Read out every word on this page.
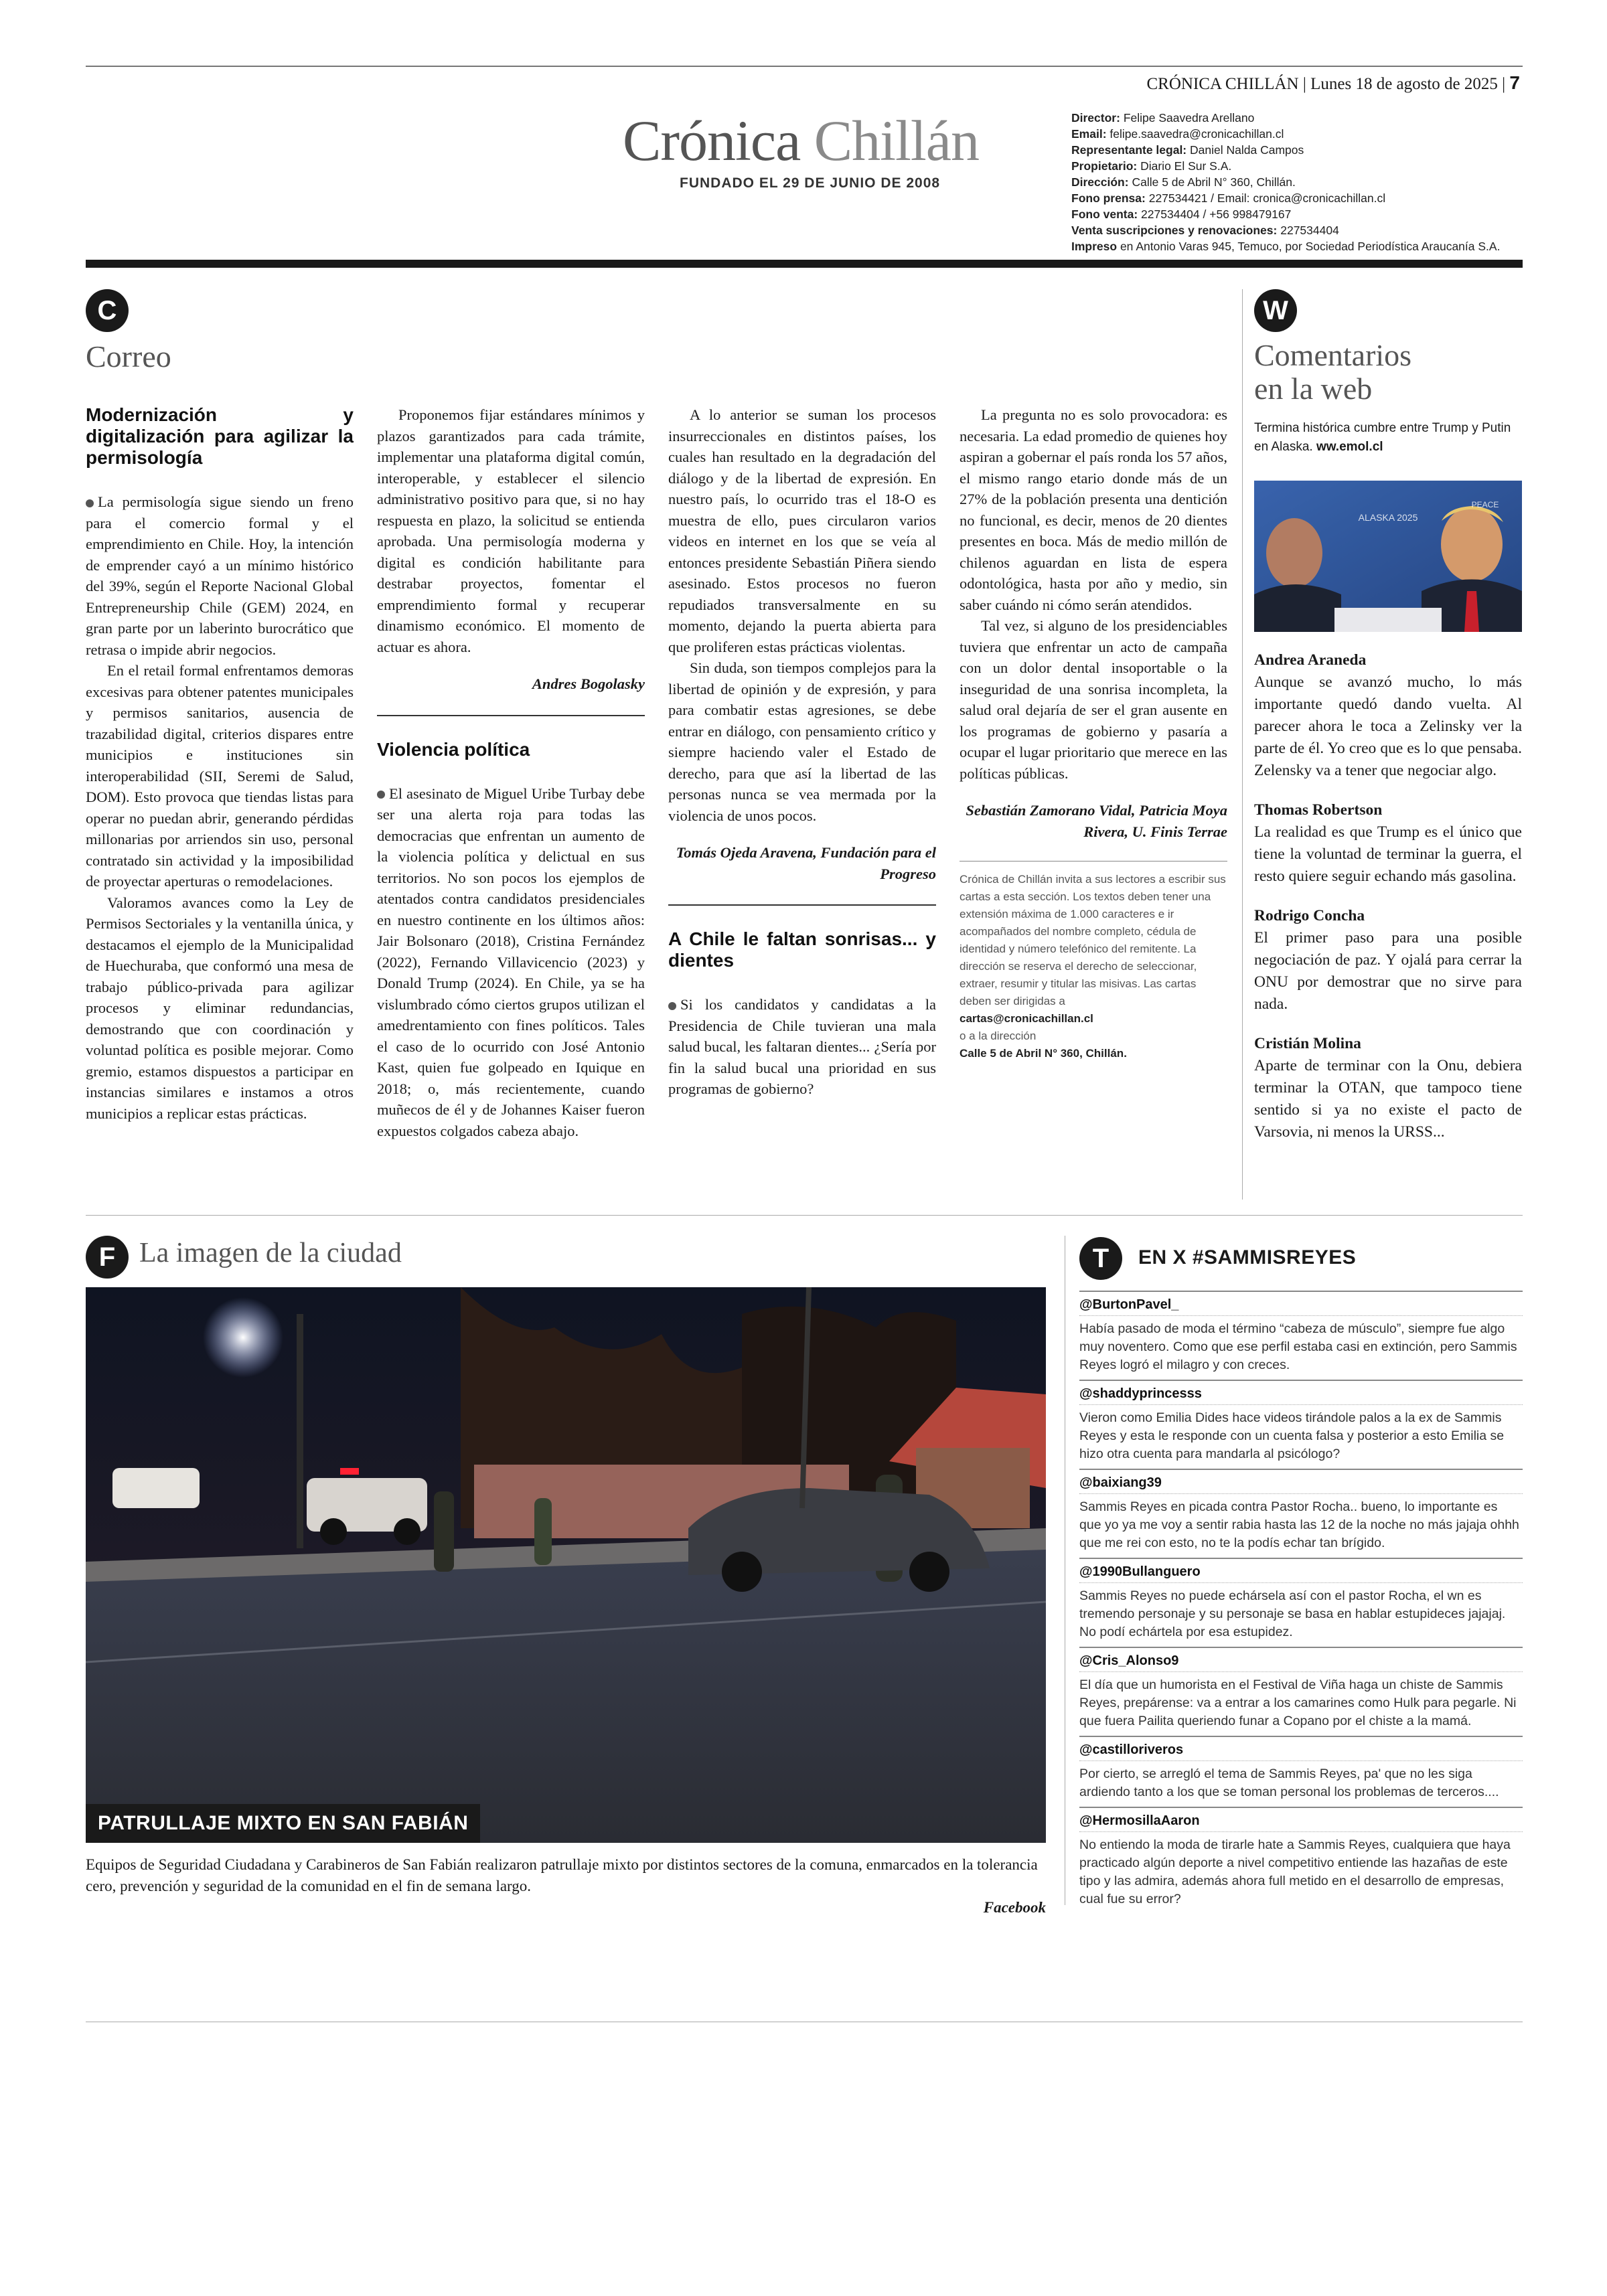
CRÓNICA CHILLÁN | Lunes 18 de agosto de 2025 | 7
Crónica Chillán
FUNDADO EL 29 DE JUNIO DE 2008
Director: Felipe Saavedra Arellano
Email: felipe.saavedra@cronicachillan.cl
Representante legal: Daniel Nalda Campos
Propietario: Diario El Sur S.A.
Dirección: Calle 5 de Abril N° 360, Chillán.
Fono prensa: 227534421 / Email: cronica@cronicachillan.cl
Fono venta: 227534404 / +56 998479167
Venta suscripciones y renovaciones: 227534404
Impreso en Antonio Varas 945, Temuco, por Sociedad Periodística Araucanía S.A.
C
Correo
Modernización y digitalización para agilizar la permisología

La permisología sigue siendo un freno para el comercio formal y el emprendimiento en Chile. Hoy, la intención de emprender cayó a un mínimo histórico del 39%, según el Reporte Nacional Global Entrepreneurship Chile (GEM) 2024, en gran parte por un laberinto burocrático que retrasa o impide abrir negocios.

En el retail formal enfrentamos demoras excesivas para obtener patentes municipales y permisos sanitarios, ausencia de trazabilidad digital, criterios dispares entre municipios e instituciones sin interoperabilidad (SII, Seremi de Salud, DOM). Esto provoca que tiendas listas para operar no puedan abrir, generando pérdidas millonarias por arriendos sin uso, personal contratado sin actividad y la imposibilidad de proyectar aperturas o remodelaciones.

Valoramos avances como la Ley de Permisos Sectoriales y la ventanilla única, y destacamos el ejemplo de la Municipalidad de Huechuraba, que conformó una mesa de trabajo público-privada para agilizar procesos y eliminar redundancias, demostrando que con coordinación y voluntad política es posible mejorar. Como gremio, estamos dispuestos a participar en instancias similares e instamos a otros municipios a replicar estas prácticas.

Proponemos fijar estándares mínimos y plazos garantizados para cada trámite, implementar una plataforma digital común, interoperable, y establecer el silencio administrativo positivo para que, si no hay respuesta en plazo, la solicitud se entienda aprobada. Una permisología moderna y digital es condición habilitante para destrabar proyectos, fomentar el emprendimiento formal y recuperar dinamismo económico. El momento de actuar es ahora.

Andres Bogolasky

Violencia política

El asesinato de Miguel Uribe Turbay debe ser una alerta roja para todas las democracias que enfrentan un aumento de la violencia política y delictual en sus territorios. No son pocos los ejemplos de atentados contra candidatos presidenciales en nuestro continente en los últimos años: Jair Bolsonaro (2018), Cristina Fernández (2022), Fernando Villavicencio (2023) y Donald Trump (2024). En Chile, ya se ha vislumbrado cómo ciertos grupos utilizan el amedrentamiento con fines políticos. Tales el caso de lo ocurrido con José Antonio Kast, quien fue golpeado en Iquique en 2018; o, más recientemente, cuando muñecos de él y de Johannes Kaiser fueron expuestos colgados cabeza abajo.

A lo anterior se suman los procesos insurreccionales en distintos países, los cuales han resultado en la degradación del diálogo y de la libertad de expresión. En nuestro país, lo ocurrido tras el 18-O es muestra de ello, pues circularon varios videos en internet en los que se veía al entonces presidente Sebastián Piñera siendo asesinado. Estos procesos no fueron repudiados transversalmente en su momento, dejando la puerta abierta para que proliferen estas prácticas violentas.

Sin duda, son tiempos complejos para la libertad de opinión y de expresión, y para para combatir estas agresiones, se debe entrar en diálogo, con pensamiento crítico y siempre haciendo valer el Estado de derecho, para que así la libertad de las personas nunca se vea mermada por la violencia de unos pocos.

Tomás Ojeda Aravena, Fundación para el Progreso

A Chile le faltan sonrisas... y dientes

Si los candidatos y candidatas a la Presidencia de Chile tuvieran una mala salud bucal, les faltaran dientes... ¿Sería por fin la salud bucal una prioridad en sus programas de gobierno?

La pregunta no es solo provocadora: es necesaria. La edad promedio de quienes hoy aspiran a gobernar el país ronda los 57 años, el mismo rango etario donde más de un 27% de la población presenta una dentición no funcional, es decir, menos de 20 dientes presentes en boca. Más de medio millón de chilenos aguardan en lista de espera odontológica, hasta por año y medio, sin saber cuándo ni cómo serán atendidos.

Tal vez, si alguno de los presidenciables tuviera que enfrentar un acto de campaña con un dolor dental insoportable o la inseguridad de una sonrisa incompleta, la salud oral dejaría de ser el gran ausente en los programas de gobierno y pasaría a ocupar el lugar prioritario que merece en las políticas públicas.

Sebastián Zamorano Vidal, Patricia Moya Rivera, U. Finis Terrae

Crónica de Chillán invita a sus lectores a escribir sus cartas a esta sección. Los textos deben tener una extensión máxima de 1.000 caracteres e ir acompañados del nombre completo, cédula de identidad y número telefónico del remitente. La dirección se reserva el derecho de seleccionar, extraer, resumir y titular las misivas. Las cartas deben ser dirigidas a
cartas@cronicachillan.cl
o a la dirección
Calle 5 de Abril N° 360, Chillán.
W
Comentarios
en la web
Termina histórica cumbre entre Trump y Putin en Alaska. ww.emol.cl
ALASKA 2025
PEACE

Andrea Araneda

Aunque se avanzó mucho, lo más importante quedó dando vuelta. Al parecer ahora le toca a Zelinsky ver la parte de él. Yo creo que es lo que pensaba. Zelensky va a tener que negociar algo.

Thomas Robertson

La realidad es que Trump es el único que tiene la voluntad de terminar la guerra, el resto quiere seguir echando más gasolina.

Rodrigo Concha

El primer paso para una posible negociación de paz. Y ojalá para cerrar la ONU por demostrar que no sirve para nada.

Cristián Molina

Aparte de terminar con la Onu, debiera terminar la OTAN, que tampoco tiene sentido si ya no existe el pacto de Varsovia, ni menos la URSS...

F La imagen de la ciudad
PATRULLAJE MIXTO EN SAN FABIÁN
Equipos de Seguridad Ciudadana y Carabineros de San Fabián realizaron patrullaje mixto por distintos sectores de la comuna, enmarcados en la tolerancia cero, prevención y seguridad de la comunidad en el fin de semana largo.
Facebook
T	EN X #SAMMISREYES

@BurtonPavel_

Había pasado de moda el término “cabeza de músculo”, siempre fue algo muy noventero. Como que ese perfil estaba casi en extinción, pero Sammis Reyes logró el milagro y con creces.

@shaddyprincesss

Vieron como Emilia Dides hace videos tirándole palos a la ex de Sammis Reyes y esta le responde con un cuenta falsa y posterior a esto Emilia se hizo otra cuenta para mandarla al psicólogo?

@baixiang39

Sammis Reyes en picada contra Pastor Rocha.. bueno, lo importante es que yo ya me voy a sentir rabia hasta las 12 de la noche no más jajaja ohhh que me rei con esto, no te la podís echar tan brígido.

@1990Bullanguero

Sammis Reyes no puede echársela así con el pastor Rocha, el wn es tremendo personaje y su personaje se basa en hablar estupideces jajajaj. No podí echártela por esa estupidez.

@Cris_Alonso9

El día que un humorista en el Festival de Viña haga un chiste de Sammis Reyes, prepárense: va a entrar a los camarines como Hulk para pegarle. Ni que fuera Pailita queriendo funar a Copano por el chiste a la mamá.

@castilloriveros

Por cierto, se arregló el tema de Sammis Reyes, pa' que no les siga ardiendo tanto a los que se toman personal los problemas de terceros....

@HermosillaAaron

No entiendo la moda de tirarle hate a Sammis Reyes, cualquiera que haya practicado algún deporte a nivel competitivo entiende las hazañas de este tipo y las admira, además ahora full metido en el desarrollo de empresas, cual fue su error?
